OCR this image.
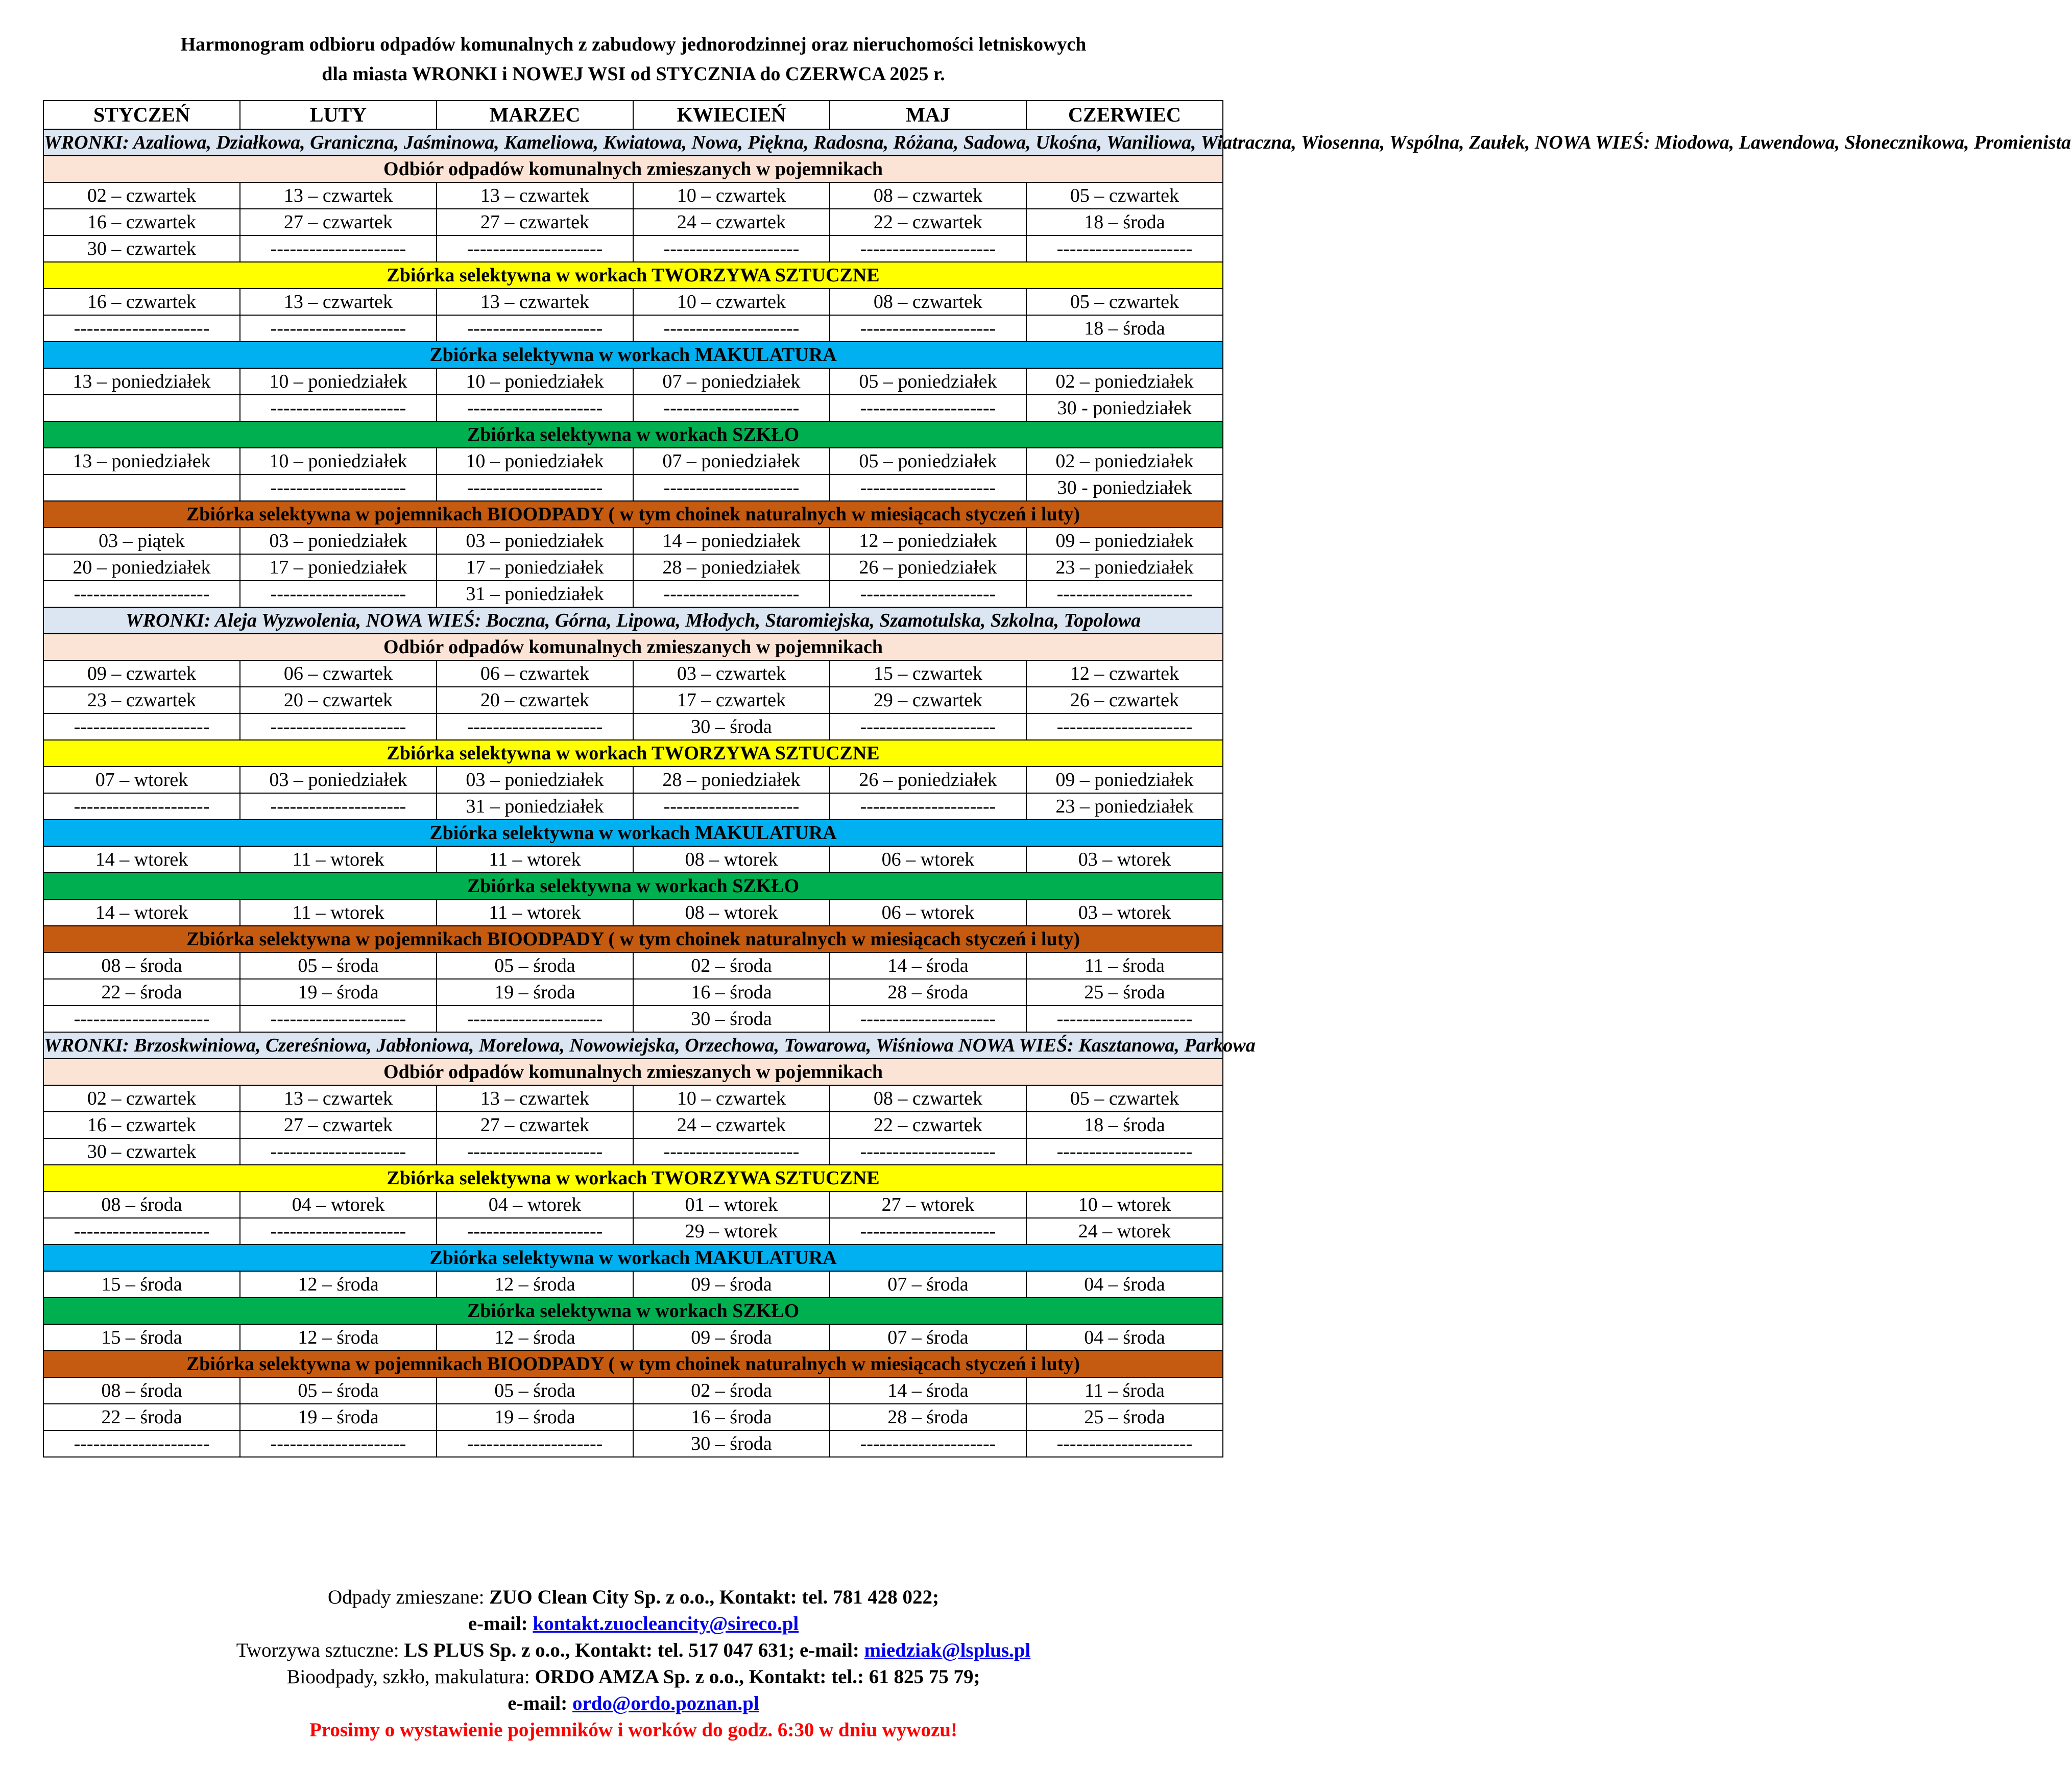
Harmonogram odbioru odpadów komunalnych z zabudowy jednorodzinnej oraz nieruchomości letniskowych
dla miasta WRONKI i NOWEJ WSI od STYCZNIA do CZERWCA 2025 r.
STYCZEŃ	LUTY	MARZEC	KWIECIEŃ	MAJ	CZERWIEC
WRONKI: Azaliowa, Działkowa, Graniczna, Jaśminowa, Kameliowa, Kwiatowa, Nowa, Piękna, Radosna, Różana, Sadowa, Ukośna, Waniliowa, Wiatraczna, Wiosenna, Wspólna, Zaułek, NOWA WIEŚ: Miodowa, Lawendowa, Słonecznikowa, Promienista					
Odbiór odpadów komunalnych zmieszanych w pojemnikach					
02 – czwartek	13 – czwartek	13 – czwartek	10 – czwartek	08 – czwartek	05 – czwartek
16 – czwartek	27 – czwartek	27 – czwartek	24 – czwartek	22 – czwartek	18 – środa
30 – czwartek	---------------------	---------------------	---------------------	---------------------	---------------------
Zbiórka selektywna w workach TWORZYWA SZTUCZNE					
16 – czwartek	13 – czwartek	13 – czwartek	10 – czwartek	08 – czwartek	05 – czwartek
---------------------	---------------------	---------------------	---------------------	---------------------	18 – środa
Zbiórka selektywna w workach MAKULATURA					
13 – poniedziałek	10 – poniedziałek	10 – poniedziałek	07 – poniedziałek	05 – poniedziałek	02 – poniedziałek
	---------------------	---------------------	---------------------	---------------------	30 - poniedziałek
Zbiórka selektywna w workach SZKŁO					
13 – poniedziałek	10 – poniedziałek	10 – poniedziałek	07 – poniedziałek	05 – poniedziałek	02 – poniedziałek
	---------------------	---------------------	---------------------	---------------------	30 - poniedziałek
Zbiórka selektywna w pojemnikach BIOODPADY ( w tym choinek naturalnych w miesiącach styczeń i luty)					
03 – piątek	03 – poniedziałek	03 – poniedziałek	14 – poniedziałek	12 – poniedziałek	09 – poniedziałek
20 – poniedziałek	17 – poniedziałek	17 – poniedziałek	28 – poniedziałek	26 – poniedziałek	23 – poniedziałek
---------------------	---------------------	31 – poniedziałek	---------------------	---------------------	---------------------
WRONKI: Aleja Wyzwolenia, NOWA WIEŚ: Boczna, Górna, Lipowa, Młodych, Staromiejska, Szamotulska, Szkolna, Topolowa					
Odbiór odpadów komunalnych zmieszanych w pojemnikach					
09 – czwartek	06 – czwartek	06 – czwartek	03 – czwartek	15 – czwartek	12 – czwartek
23 – czwartek	20 – czwartek	20 – czwartek	17 – czwartek	29 – czwartek	26 – czwartek
---------------------	---------------------	---------------------	30 – środa	---------------------	---------------------
Zbiórka selektywna w workach TWORZYWA SZTUCZNE					
07 – wtorek	03 – poniedziałek	03 – poniedziałek	28 – poniedziałek	26 – poniedziałek	09 – poniedziałek
---------------------	---------------------	31 – poniedziałek	---------------------	---------------------	23 – poniedziałek
Zbiórka selektywna w workach MAKULATURA					
14 – wtorek	11 – wtorek	11 – wtorek	08 – wtorek	06 – wtorek	03 – wtorek
Zbiórka selektywna w workach SZKŁO					
14 – wtorek	11 – wtorek	11 – wtorek	08 – wtorek	06 – wtorek	03 – wtorek
Zbiórka selektywna w pojemnikach BIOODPADY ( w tym choinek naturalnych w miesiącach styczeń i luty)					
08 – środa	05 – środa	05 – środa	02 – środa	14 – środa	11 – środa
22 – środa	19 – środa	19 – środa	16 – środa	28 – środa	25 – środa
---------------------	---------------------	---------------------	30 – środa	---------------------	---------------------
WRONKI: Brzoskwiniowa, Czereśniowa, Jabłoniowa, Morelowa, Nowowiejska, Orzechowa, Towarowa, Wiśniowa NOWA WIEŚ: Kasztanowa, Parkowa					
Odbiór odpadów komunalnych zmieszanych w pojemnikach					
02 – czwartek	13 – czwartek	13 – czwartek	10 – czwartek	08 – czwartek	05 – czwartek
16 – czwartek	27 – czwartek	27 – czwartek	24 – czwartek	22 – czwartek	18 – środa
30 – czwartek	---------------------	---------------------	---------------------	---------------------	---------------------
Zbiórka selektywna w workach TWORZYWA SZTUCZNE					
08 – środa	04 – wtorek	04 – wtorek	01 – wtorek	27 – wtorek	10 – wtorek
---------------------	---------------------	---------------------	29 – wtorek	---------------------	24 – wtorek
Zbiórka selektywna w workach MAKULATURA					
15 – środa	12 – środa	12 – środa	09 – środa	07 – środa	04 – środa
Zbiórka selektywna w workach SZKŁO					
15 – środa	12 – środa	12 – środa	09 – środa	07 – środa	04 – środa
Zbiórka selektywna w pojemnikach BIOODPADY ( w tym choinek naturalnych w miesiącach styczeń i luty)					
08 – środa	05 – środa	05 – środa	02 – środa	14 – środa	11 – środa
22 – środa	19 – środa	19 – środa	16 – środa	28 – środa	25 – środa
---------------------	---------------------	---------------------	30 – środa	---------------------	---------------------
Odpady zmieszane: ZUO Clean City Sp. z o.o., Kontakt: tel. 781 428 022;
e-mail: kontakt.zuocleancity@sireco.pl
Tworzywa sztuczne: LS PLUS Sp. z o.o., Kontakt: tel. 517 047 631; e-mail: miedziak@lsplus.pl
Bioodpady, szkło, makulatura: ORDO AMZA Sp. z o.o., Kontakt: tel.: 61 825 75 79;
e-mail: ordo@ordo.poznan.pl
Prosimy o wystawienie pojemników i worków do godz. 6:30 w dniu wywozu!
